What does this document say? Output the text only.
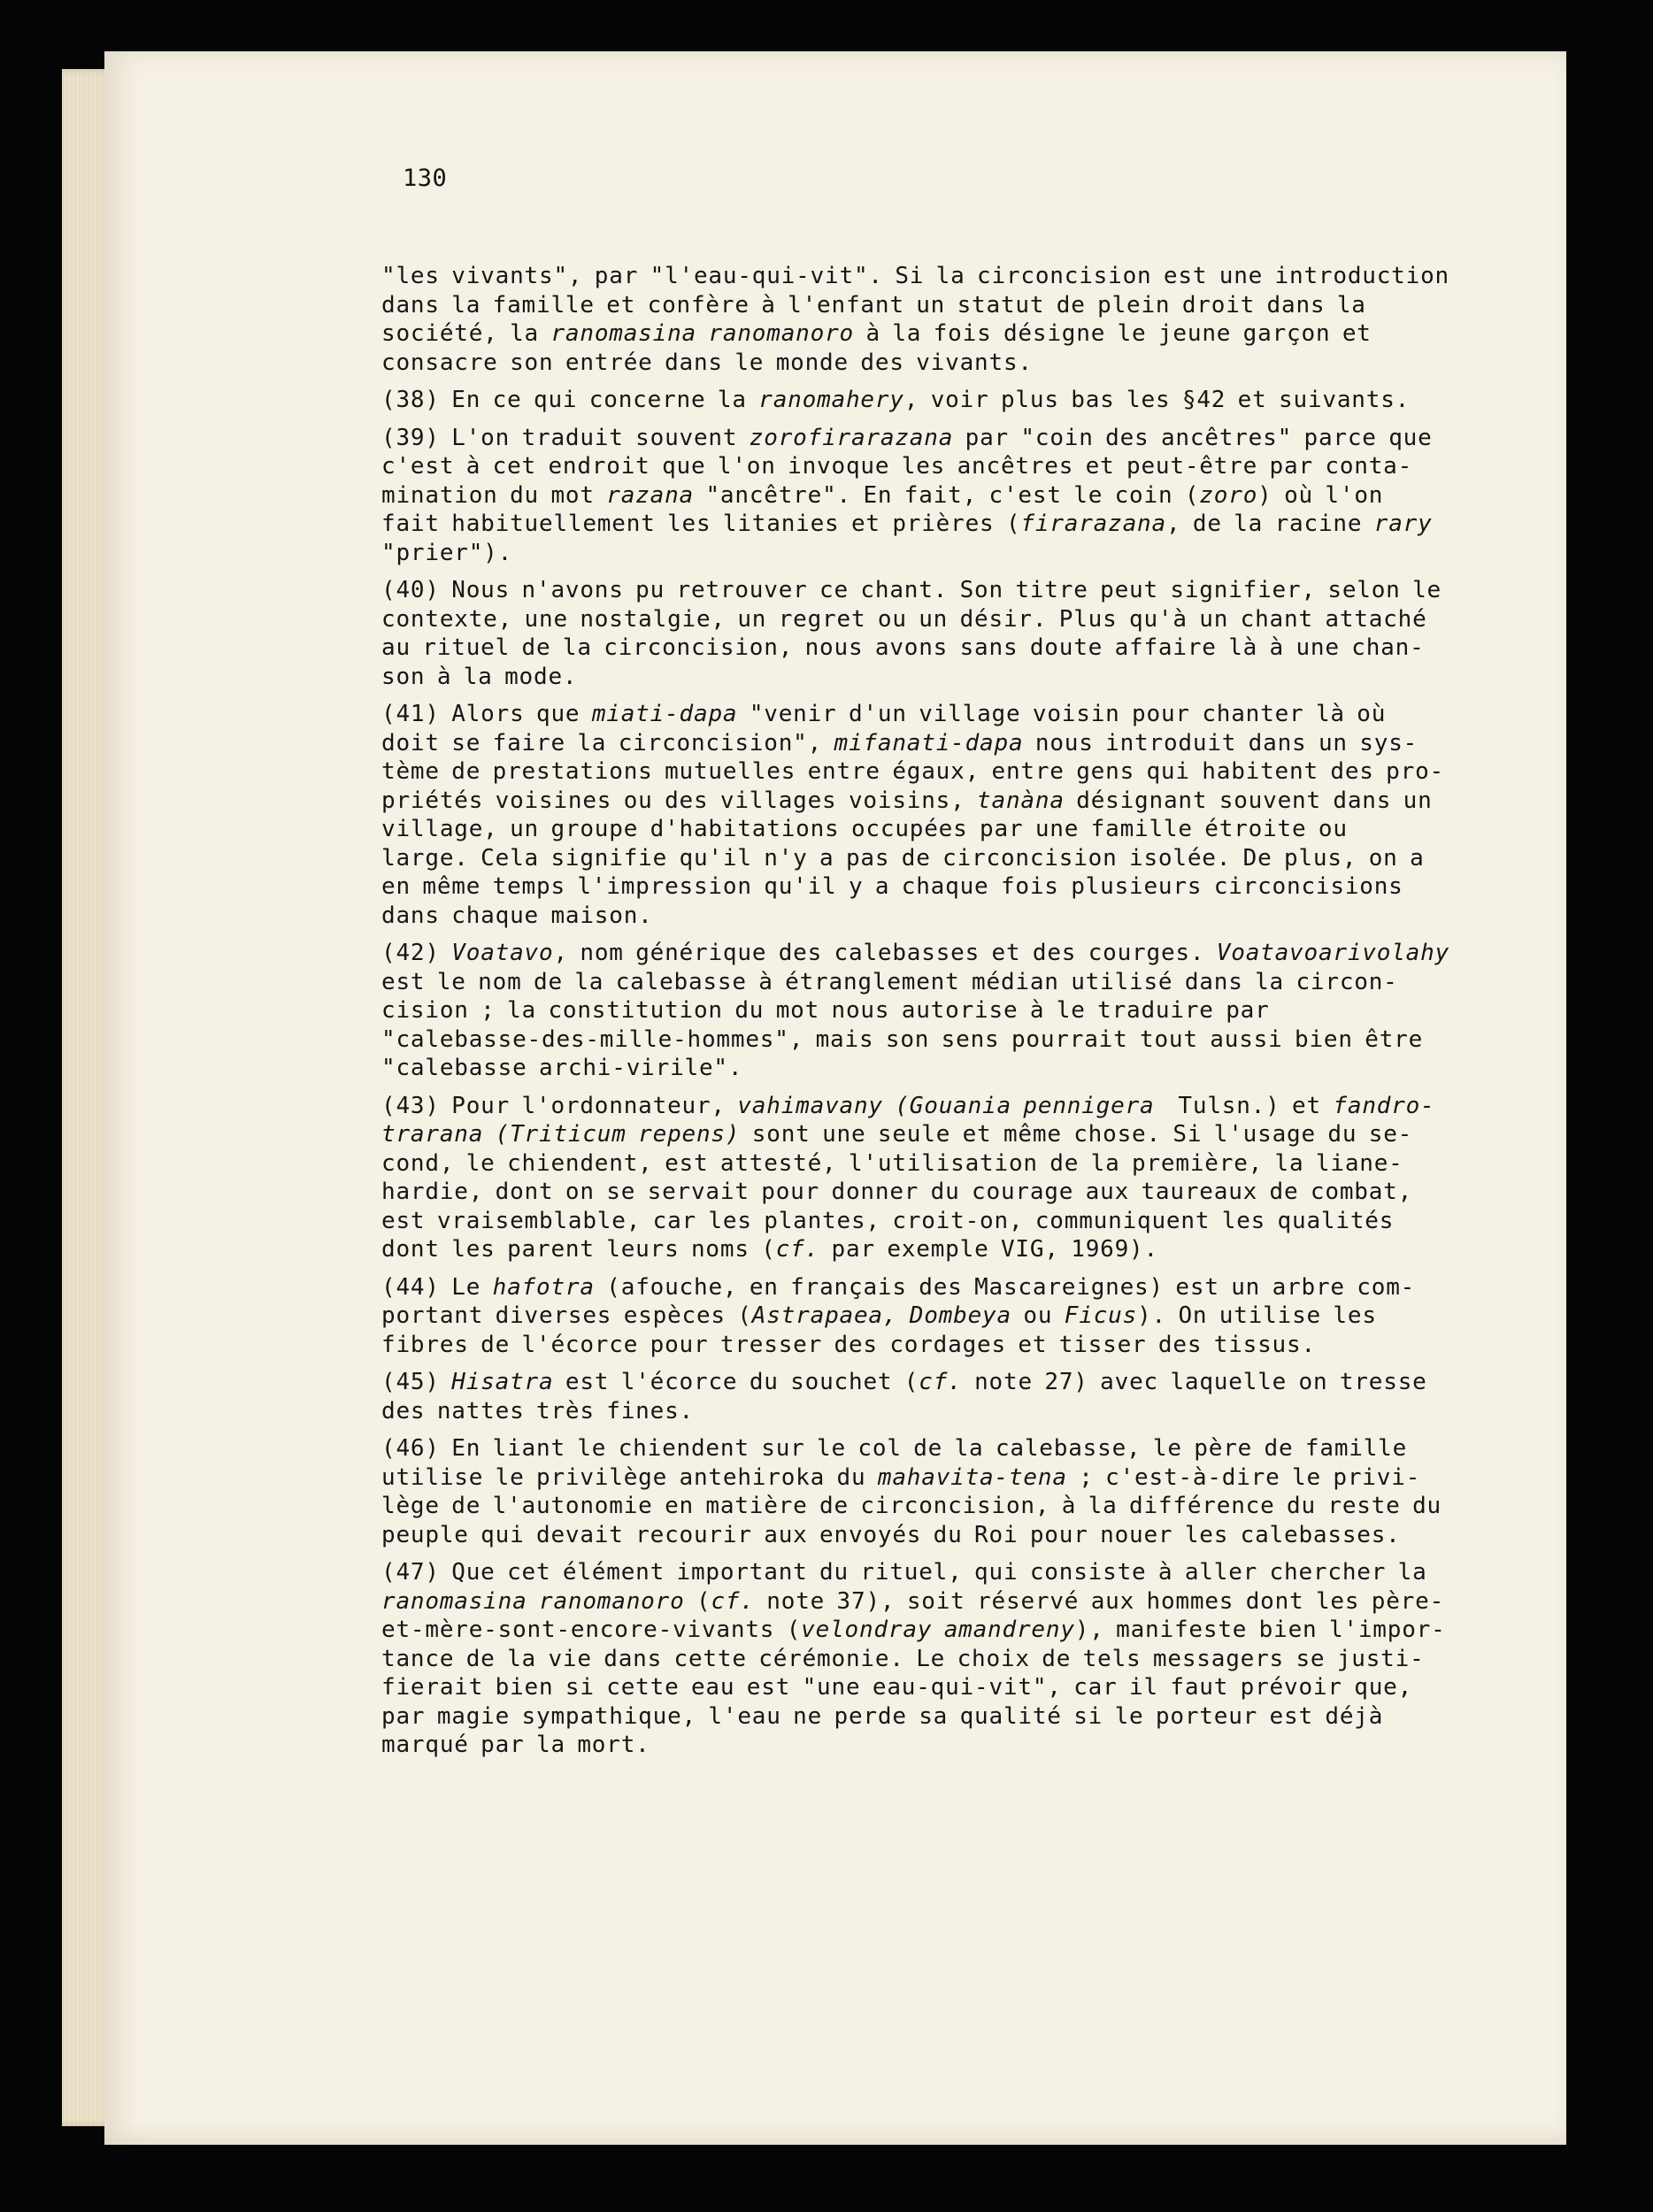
130
"les vivants", par "l'eau-qui-vit". Si la circoncision est une introduction
dans la famille et confère à l'enfant un statut de plein droit dans la
société, la ranomasina ranomanoro à la fois désigne le jeune garçon et
consacre son entrée dans le monde des vivants.
(38) En ce qui concerne la ranomahery, voir plus bas les §42 et suivants.
(39) L'on traduit souvent zorofirarazana par "coin des ancêtres" parce que
c'est à cet endroit que l'on invoque les ancêtres et peut-être par conta-
mination du mot razana "ancêtre". En fait, c'est le coin (zoro) où l'on
fait habituellement les litanies et prières (firarazana, de la racine rary
"prier").
(40) Nous n'avons pu retrouver ce chant. Son titre peut signifier, selon le
contexte, une nostalgie, un regret ou un désir. Plus qu'à un chant attaché
au rituel de la circoncision, nous avons sans doute affaire là à une chan-
son à la mode.
(41) Alors que miati-dapa "venir d'un village voisin pour chanter là où
doit se faire la circoncision", mifanati-dapa nous introduit dans un sys-
tème de prestations mutuelles entre égaux, entre gens qui habitent des pro-
priétés voisines ou des villages voisins, tanàna désignant souvent dans un
village, un groupe d'habitations occupées par une famille étroite ou
large. Cela signifie qu'il n'y a pas de circoncision isolée. De plus, on a
en même temps l'impression qu'il y a chaque fois plusieurs circoncisions
dans chaque maison.
(42) Voatavo, nom générique des calebasses et des courges. Voatavoarivolahy
est le nom de la calebasse à étranglement médian utilisé dans la circon-
cision ; la constitution du mot nous autorise à le traduire par
"calebasse-des-mille-hommes", mais son sens pourrait tout aussi bien être
"calebasse archi-virile".
(43) Pour l'ordonnateur, vahimavany (Gouania pennigera  Tulsn.) et fandro-
trarana (Triticum repens) sont une seule et même chose. Si l'usage du se-
cond, le chiendent, est attesté, l'utilisation de la première, la liane-
hardie, dont on se servait pour donner du courage aux taureaux de combat,
est vraisemblable, car les plantes, croit-on, communiquent les qualités
dont les parent leurs noms (cf. par exemple VIG, 1969).
(44) Le hafotra (afouche, en français des Mascareignes) est un arbre com-
portant diverses espèces (Astrapaea, Dombeya ou Ficus). On utilise les
fibres de l'écorce pour tresser des cordages et tisser des tissus.
(45) Hisatra est l'écorce du souchet (cf. note 27) avec laquelle on tresse
des nattes très fines.
(46) En liant le chiendent sur le col de la calebasse, le père de famille
utilise le privilège antehiroka du mahavita-tena ; c'est-à-dire le privi-
lège de l'autonomie en matière de circoncision, à la différence du reste du
peuple qui devait recourir aux envoyés du Roi pour nouer les calebasses.
(47) Que cet élément important du rituel, qui consiste à aller chercher la
ranomasina ranomanoro (cf. note 37), soit réservé aux hommes dont les père-
et-mère-sont-encore-vivants (velondray amandreny), manifeste bien l'impor-
tance de la vie dans cette cérémonie. Le choix de tels messagers se justi-
fierait bien si cette eau est "une eau-qui-vit", car il faut prévoir que,
par magie sympathique, l'eau ne perde sa qualité si le porteur est déjà
marqué par la mort.
